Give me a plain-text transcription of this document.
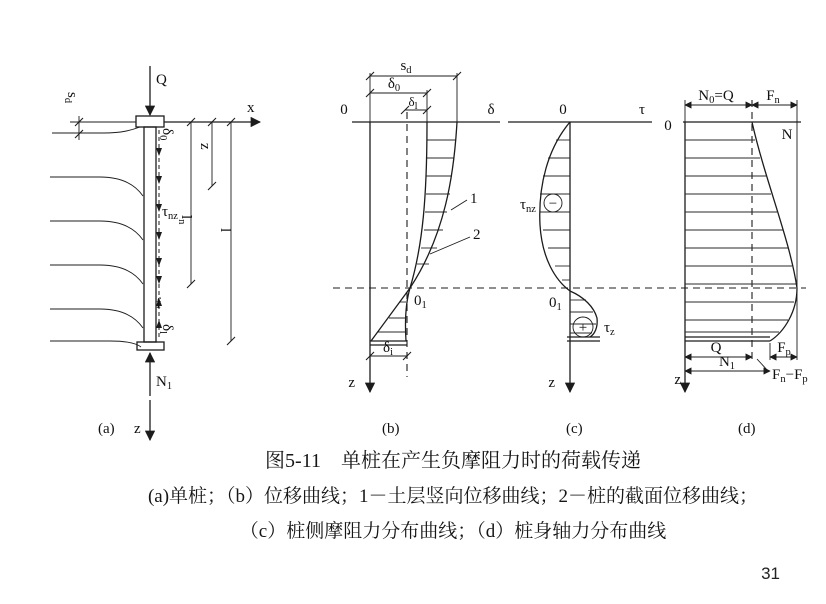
Q
x
$s_d$
$\tau_{nz}$
f
$\delta_0$
$\delta_l$
z
$l_n$
l
$N_1$
z
(a)
0	δ
z
$s_d$
$\delta_0$
$\delta_l$
1
2
$0_1$
$\delta_i$
(b)
0	τ
z
$\tau_{nz}$ −
+ $\tau_z$
$0_1$
(c)
0
N
z
$N_0=Q$ $F_n$
Q	$F_p$
$N_1$
$F_n-F_p$
(d)
图5-11　单桩在产生负摩阻力时的荷载传递
(a)单桩；（b）位移曲线；1－土层竖向位移曲线；2－桩的截面位移曲线；
（c）桩侧摩阻力分布曲线；（d）桩身轴力分布曲线
31
